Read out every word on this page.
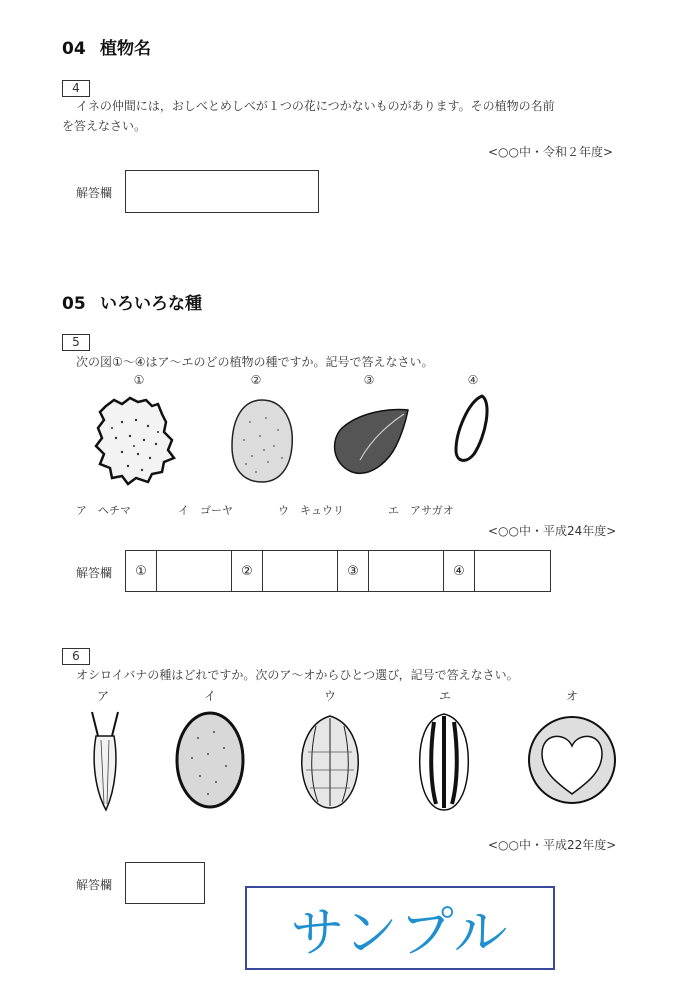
04 植物名
4
イネの仲間には，おしべとめしべが１つの花につかないものがあります。その植物の名前
を答えなさい。
<○○中・令和２年度>
解答欄
05 いろいろな種
5
次の図①～④はア～エのどの植物の種ですか。記号で答えなさい。
①	②	③	④
ア　ヘチマ	イ　ゴーヤ	ウ　キュウリ	エ　アサガオ
<○○中・平成24年度>
解答欄	①	②	③	④
6
オシロイバナの種はどれですか。次のア～オからひとつ選び，記号で答えなさい。
ア	イ	ウ	エ	オ
<○○中・平成22年度>
解答欄
サンプル
